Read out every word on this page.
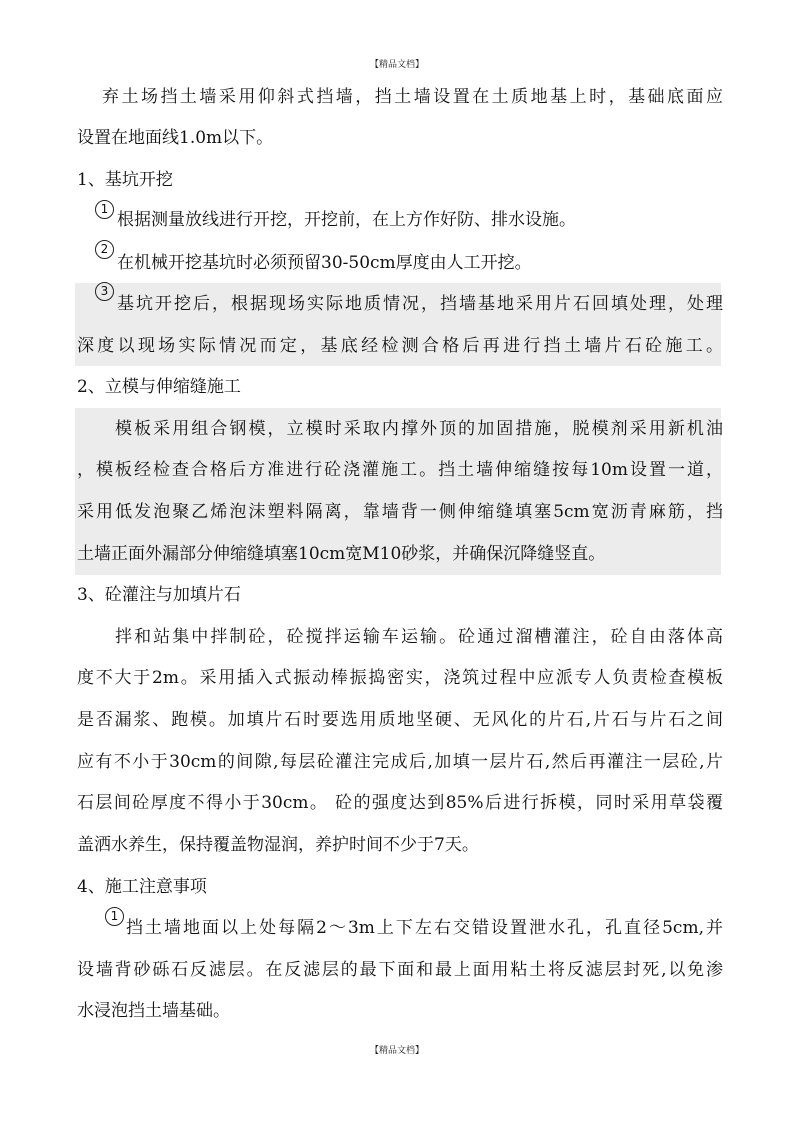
【精品文档】
【精品文档】
弃土场挡土墙采用仰斜式挡墙，挡土墙设置在土质地基上时，基础底面应
设置在地面线1.0m以下。
1、基坑开挖
1
根据测量放线进行开挖，开挖前，在上方作好防、排水设施。
2
在机械开挖基坑时必须预留30-50cm厚度由人工开挖。
3
基坑开挖后，根据现场实际地质情况，挡墙基地采用片石回填处理，处理
深度以现场实际情况而定，基底经检测合格后再进行挡土墙片石砼施工。
2、立模与伸缩缝施工
模板采用组合钢模，立模时采取内撑外顶的加固措施，脱模剂采用新机油
，模板经检查合格后方准进行砼浇灌施工。挡土墙伸缩缝按每10m设置一道，
采用低发泡聚乙烯泡沫塑料隔离，靠墙背一侧伸缩缝填塞5cm宽沥青麻筋，挡
土墙正面外漏部分伸缩缝填塞10cm宽M10砂浆，并确保沉降缝竖直。
3、砼灌注与加填片石
拌和站集中拌制砼，砼搅拌运输车运输。砼通过溜槽灌注，砼自由落体高
度不大于2m。采用插入式振动棒振捣密实，浇筑过程中应派专人负责检查模板
是否漏浆、跑模。加填片石时要选用质地坚硬、无风化的片石,片石与片石之间
应有不小于30cm的间隙,每层砼灌注完成后,加填一层片石,然后再灌注一层砼,片
石层间砼厚度不得小于30cm。 砼的强度达到85%后进行拆模，同时采用草袋覆
盖洒水养生，保持覆盖物湿润，养护时间不少于7天。
4、施工注意事项
1
挡土墙地面以上处每隔2～3m上下左右交错设置泄水孔，孔直径5cm,并
设墙背砂砾石反滤层。在反滤层的最下面和最上面用粘土将反滤层封死,以免渗
水浸泡挡土墙基础。
